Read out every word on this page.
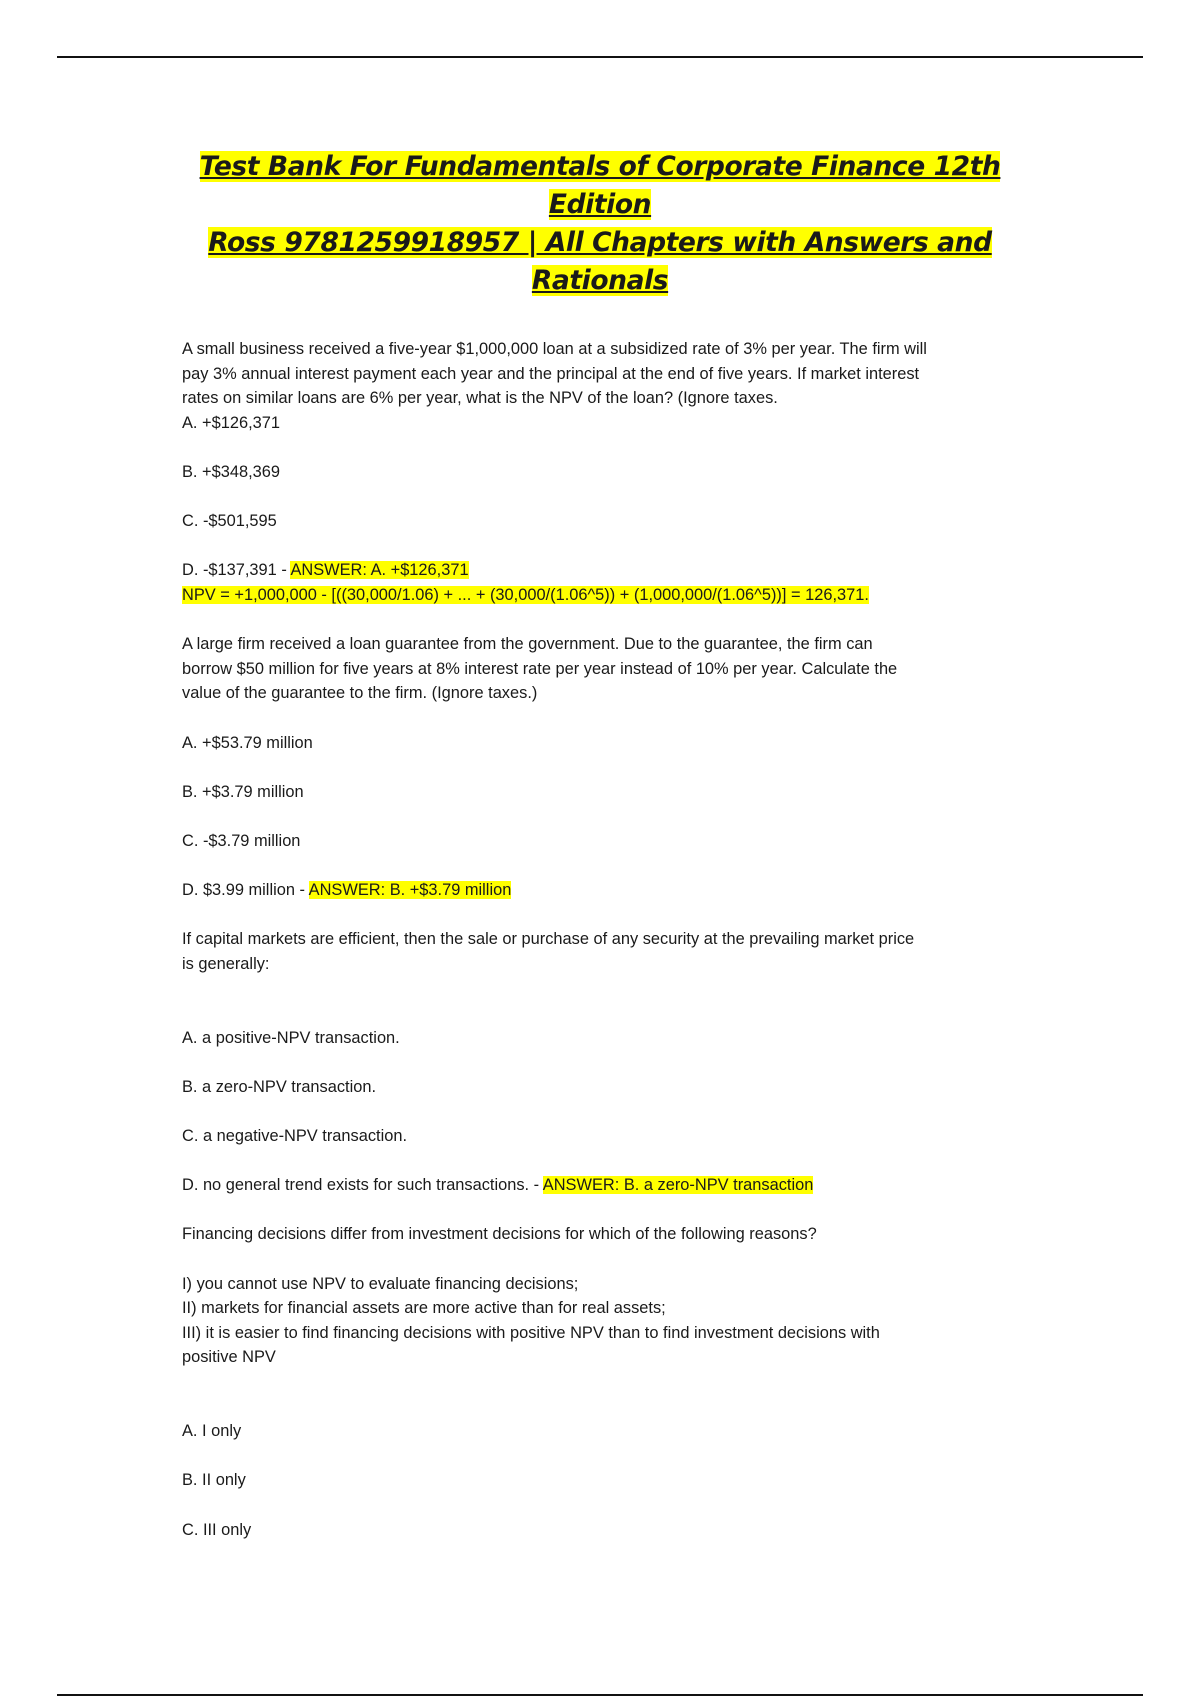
Test Bank For Fundamentals of Corporate Finance 12th Edition
Ross 9781259918957 | All Chapters with Answers and
Rationals

A small business received a five-year $1,000,000 loan at a subsidized rate of 3% per year. The firm will

pay 3% annual interest payment each year and the principal at the end of five years. If market interest

rates on similar loans are 6% per year, what is the NPV of the loan? (Ignore taxes.

A. +$126,371

B. +$348,369

C. -$501,595

D. -$137,391 - ANSWER: A. +$126,371

NPV = +1,000,000 - [((30,000/1.06) + ... + (30,000/(1.06^5)) + (1,000,000/(1.06^5))] = 126,371.

A large firm received a loan guarantee from the government. Due to the guarantee, the firm can

borrow $50 million for five years at 8% interest rate per year instead of 10% per year. Calculate the

value of the guarantee to the firm. (Ignore taxes.)

A. +$53.79 million

B. +$3.79 million

C. -$3.79 million

D. $3.99 million - ANSWER: B. +$3.79 million

If capital markets are efficient, then the sale or purchase of any security at the prevailing market price

is generally:

A. a positive-NPV transaction.

B. a zero-NPV transaction.

C. a negative-NPV transaction.

D. no general trend exists for such transactions. - ANSWER: B. a zero-NPV transaction

Financing decisions differ from investment decisions for which of the following reasons?

I) you cannot use NPV to evaluate financing decisions;

II) markets for financial assets are more active than for real assets;

III) it is easier to find financing decisions with positive NPV than to find investment decisions with

positive NPV

A. I only

B. II only

C. III only
